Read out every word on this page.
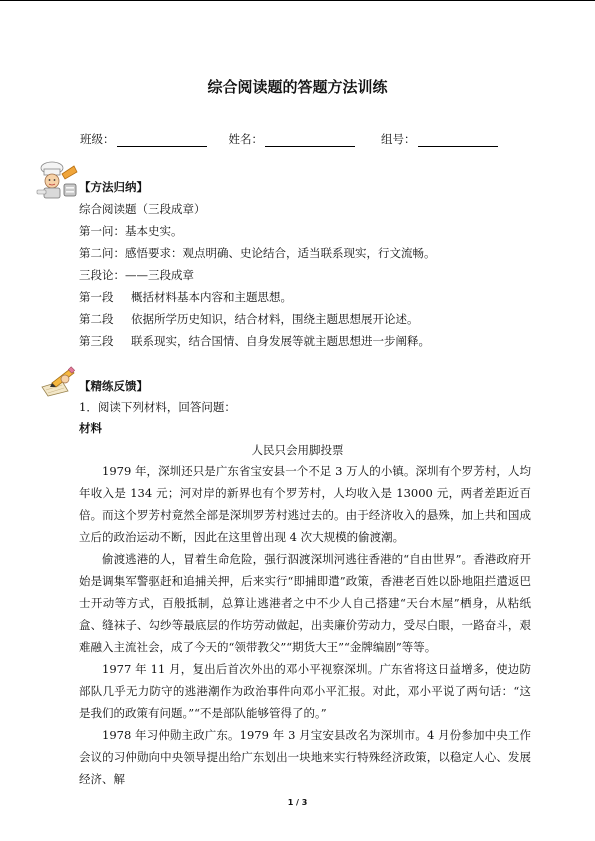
综合阅读题的答题方法训练
班级：	姓名：	组号：
【方法归纳】
综合阅读题（三段成章）
第一问：基本史实。
第二问：感悟要求：观点明确、史论结合，适当联系现实，行文流畅。
三段论：——三段成章
第一段 概括材料基本内容和主题思想。
第二段 依据所学历史知识，结合材料，围绕主题思想展开论述。
第三段 联系现实，结合国情、自身发展等就主题思想进一步阐释。
【精练反馈】
1．阅读下列材料，回答问题：
材料
人民只会用脚投票
1979 年，深圳还只是广东省宝安县一个不足 3 万人的小镇。深圳有个罗芳村，人均年收入是 134 元；河对岸的新界也有个罗芳村，人均收入是 13000 元，两者差距近百倍。而这个罗芳村竟然全部是深圳罗芳村逃过去的。由于经济收入的悬殊，加上共和国成立后的政治运动不断，因此在这里曾出现 4 次大规模的偷渡潮。
偷渡逃港的人，冒着生命危险，强行泅渡深圳河逃往香港的“自由世界”。香港政府开始是调集军警驱赶和追捕关押，后来实行“即捕即遣”政策，香港老百姓以卧地阻拦遣返巴士开动等方式，百般抵制，总算让逃港者之中不少人自己搭建“天台木屋”栖身，从粘纸盒、缝袜子、勾纱等最底层的作坊劳动做起，出卖廉价劳动力，受尽白眼，一路奋斗，艰难融入主流社会，成了今天的“领带教父”“期货大王”“金牌编剧”等等。
1977 年 11 月，复出后首次外出的邓小平视察深圳。广东省将这日益增多，使边防部队几乎无力防守的逃港潮作为政治事件向邓小平汇报。对此，邓小平说了两句话：“这是我们的政策有问题。”“不是部队能够管得了的。”
1978 年习仲勋主政广东。1979 年 3 月宝安县改名为深圳市。4 月份参加中央工作会议的习仲勋向中央领导提出给广东划出一块地来实行特殊经济政策，以稳定人心、发展经济、解
1 / 3
